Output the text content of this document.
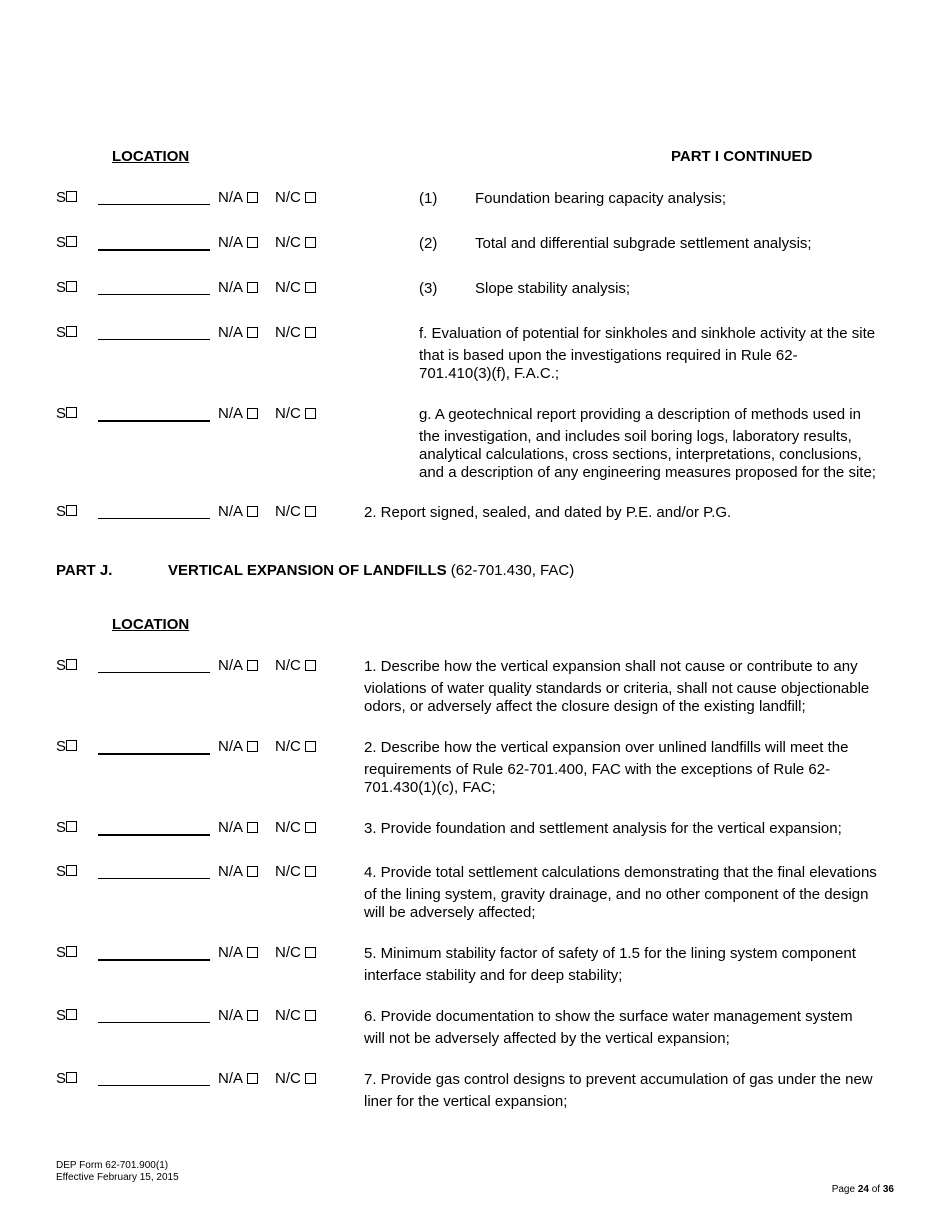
LOCATION	PART I CONTINUED
S	N/A	N/C	(1)	Foundation bearing capacity analysis;
S	N/A	N/C	(2)	Total and differential subgrade settlement analysis;
S	N/A	N/C	(3)	Slope stability analysis;
S	N/A	N/C	f. Evaluation of potential for sinkholes and sinkhole activity at the site
that is based upon the investigations required in Rule 62-
701.410(3)(f), F.A.C.;
S	N/A	N/C	g. A geotechnical report providing a description of methods used in
the investigation, and includes soil boring logs, laboratory results,
analytical calculations, cross sections, interpretations, conclusions,
and a description of any engineering measures proposed for the site;
S	N/A	N/C	2. Report signed, sealed, and dated by P.E. and/or P.G.
PART J.	VERTICAL EXPANSION OF LANDFILLS (62-701.430, FAC)
LOCATION
S	N/A	N/C	1. Describe how the vertical expansion shall not cause or contribute to any
violations of water quality standards or criteria, shall not cause objectionable
odors, or adversely affect the closure design of the existing landfill;
S	N/A	N/C	2. Describe how the vertical expansion over unlined landfills will meet the
requirements of Rule 62-701.400, FAC with the exceptions of Rule 62-
701.430(1)(c), FAC;
S	N/A	N/C	3. Provide foundation and settlement analysis for the vertical expansion;
S	N/A	N/C	4. Provide total settlement calculations demonstrating that the final elevations
of the lining system, gravity drainage, and no other component of the design
will be adversely affected;
S	N/A	N/C	5. Minimum stability factor of safety of 1.5 for the lining system component
interface stability and for deep stability;
S	N/A	N/C	6. Provide documentation to show the surface water management system
will not be adversely affected by the vertical expansion;
S	N/A	N/C	7. Provide gas control designs to prevent accumulation of gas under the new
liner for the vertical expansion;
DEP Form 62-701.900(1)
Effective February 15, 2015
Page 24 of 36
